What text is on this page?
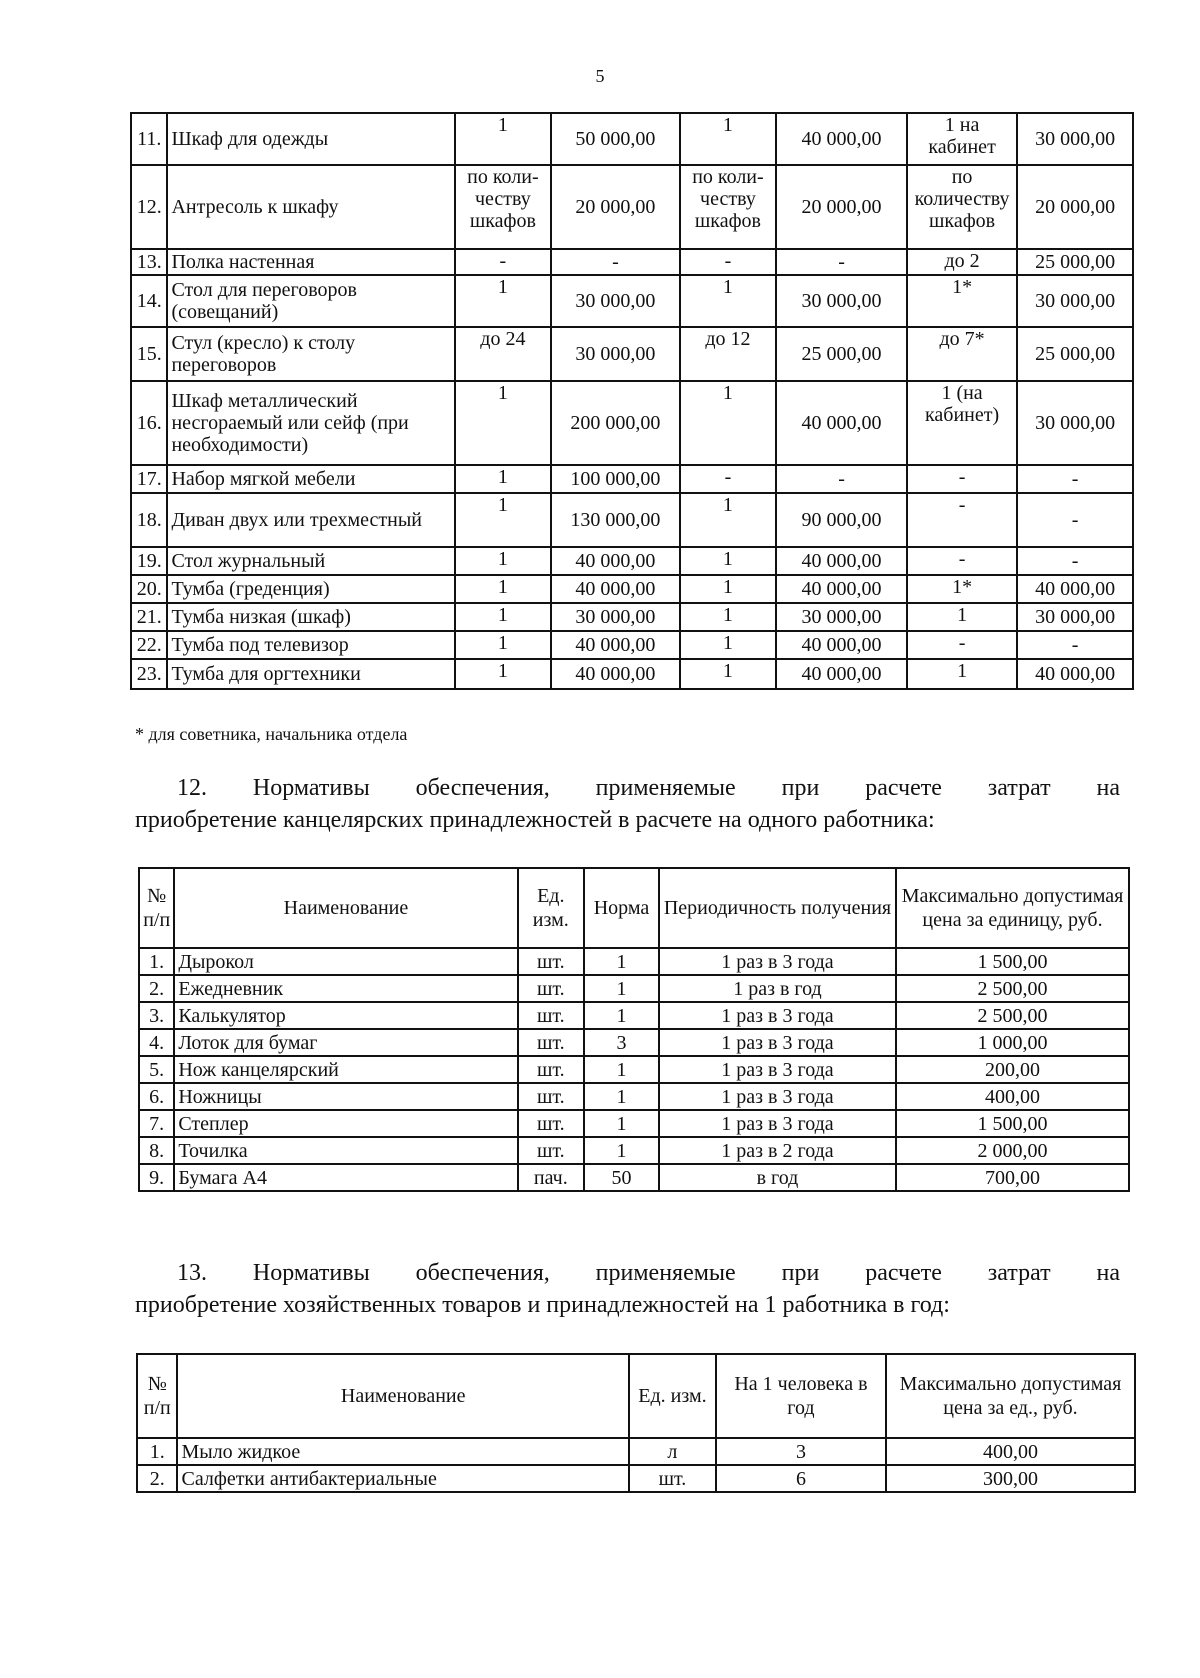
5
11.	Шкаф для одежды	1	50 000,00	1	40 000,00	1 на кабинет	30 000,00
12.	Антресоль к шкафу	по коли-честву шкафов	20 000,00	по коли-честву шкафов	20 000,00	по количеству шкафов	20 000,00
13.	Полка настенная	-	-	-	-	до 2	25 000,00
14.	Стол для переговоров (совещаний)	1	30 000,00	1	30 000,00	1*	30 000,00
15.	Стул (кресло) к столу переговоров	до 24	30 000,00	до 12	25 000,00	до 7*	25 000,00
16.	Шкаф металлический несгораемый или сейф (при необходимости)	1	200 000,00	1	40 000,00	1 (на кабинет)	30 000,00
17.	Набор мягкой мебели	1	100 000,00	-	-	-	-
18.	Диван двух или трехместный	1	130 000,00	1	90 000,00	-	-
19.	Стол журнальный	1	40 000,00	1	40 000,00	-	-
20.	Тумба (греденция)	1	40 000,00	1	40 000,00	1*	40 000,00
21.	Тумба низкая (шкаф)	1	30 000,00	1	30 000,00	1	30 000,00
22.	Тумба под телевизор	1	40 000,00	1	40 000,00	-	-
23.	Тумба для оргтехники	1	40 000,00	1	40 000,00	1	40 000,00
* для советника, начальника отдела
12. Нормативы обеспечения, применяемые при расчете затрат на
приобретение канцелярских принадлежностей в расчете на одного работника:
№ п/п	Наименование	Ед. изм.	Норма	Периодичность получения	Максимально допустимая цена за единицу, руб.
1.	Дырокол	шт.	1	1 раз в 3 года	1 500,00
2.	Ежедневник	шт.	1	1 раз в год	2 500,00
3.	Калькулятор	шт.	1	1 раз в 3 года	2 500,00
4.	Лоток для бумаг	шт.	3	1 раз в 3 года	1 000,00
5.	Нож канцелярский	шт.	1	1 раз в 3 года	200,00
6.	Ножницы	шт.	1	1 раз в 3 года	400,00
7.	Степлер	шт.	1	1 раз в 3 года	1 500,00
8.	Точилка	шт.	1	1 раз в 2 года	2 000,00
9.	Бумага А4	пач.	50	в год	700,00
13. Нормативы обеспечения, применяемые при расчете затрат на
приобретение хозяйственных товаров и принадлежностей на 1 работника в год:
№ п/п	Наименование	Ед. изм.	На 1 человека в год	Максимально допустимая цена за ед., руб.
1.	Мыло жидкое	л	3	400,00
2.	Салфетки антибактериальные	шт.	6	300,00
